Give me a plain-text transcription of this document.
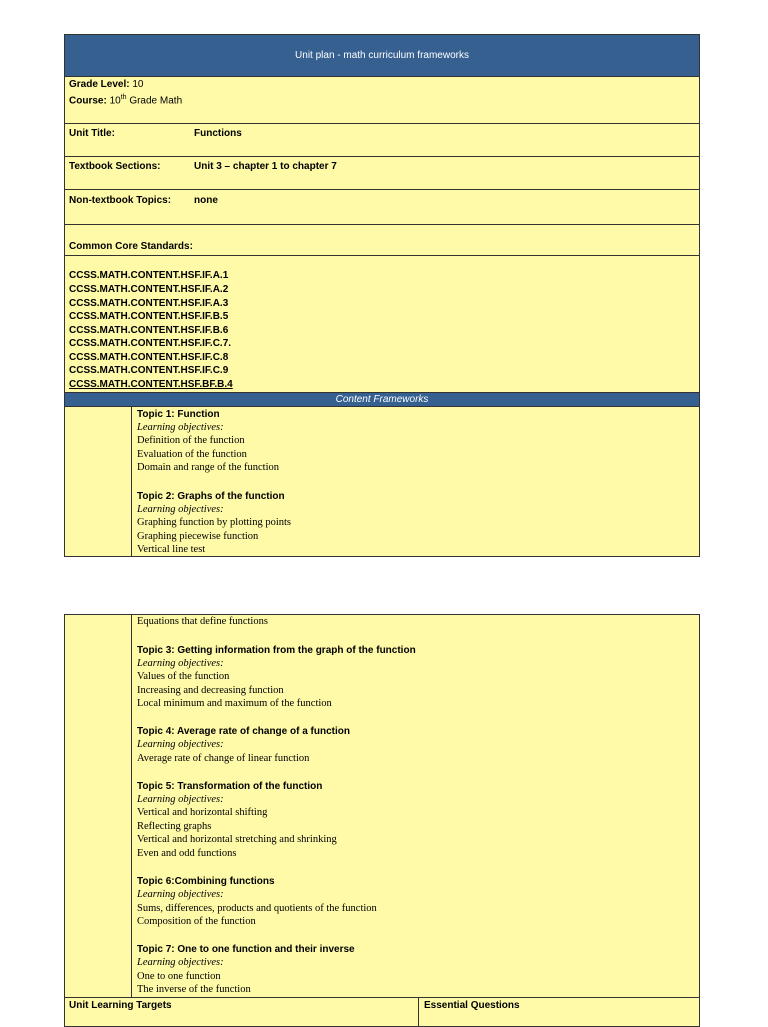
Unit plan - math curriculum frameworks
Grade Level: 10
Course: 10th Grade Math
Unit Title:	Functions
Textbook Sections:	Unit 3 – chapter 1 to chapter 7
Non-textbook Topics: none
Common Core Standards:
CCSS.MATH.CONTENT.HSF.IF.A.1
CCSS.MATH.CONTENT.HSF.IF.A.2
CCSS.MATH.CONTENT.HSF.IF.A.3
CCSS.MATH.CONTENT.HSF.IF.B.5
CCSS.MATH.CONTENT.HSF.IF.B.6
CCSS.MATH.CONTENT.HSF.IF.C.7.
CCSS.MATH.CONTENT.HSF.IF.C.8
CCSS.MATH.CONTENT.HSF.IF.C.9
CCSS.MATH.CONTENT.HSF.BF.B.4
Content Frameworks
Topic 1: Function
Learning objectives:
Definition of the function
Evaluation of the function
Domain and range of the function
Topic 2: Graphs of the function
Learning objectives:
Graphing function by plotting points
Graphing piecewise function
Vertical line test
Equations that define functions
Topic 3: Getting information from the graph of the function
Learning objectives:
Values of the function
Increasing and decreasing function
Local minimum and maximum of the function
Topic 4: Average rate of change of a function
Learning objectives:
Average rate of change of linear function
Topic 5: Transformation of the function
Learning objectives:
Vertical and horizontal shifting
Reflecting graphs
Vertical and horizontal stretching and shrinking
Even and odd functions
Topic 6:Combining functions
Learning objectives:
Sums, differences, products and quotients of the function
Composition of the function
Topic 7: One to one function and their inverse
Learning objectives:
One to one function
The inverse of the function
Unit Learning Targets	Essential Questions
